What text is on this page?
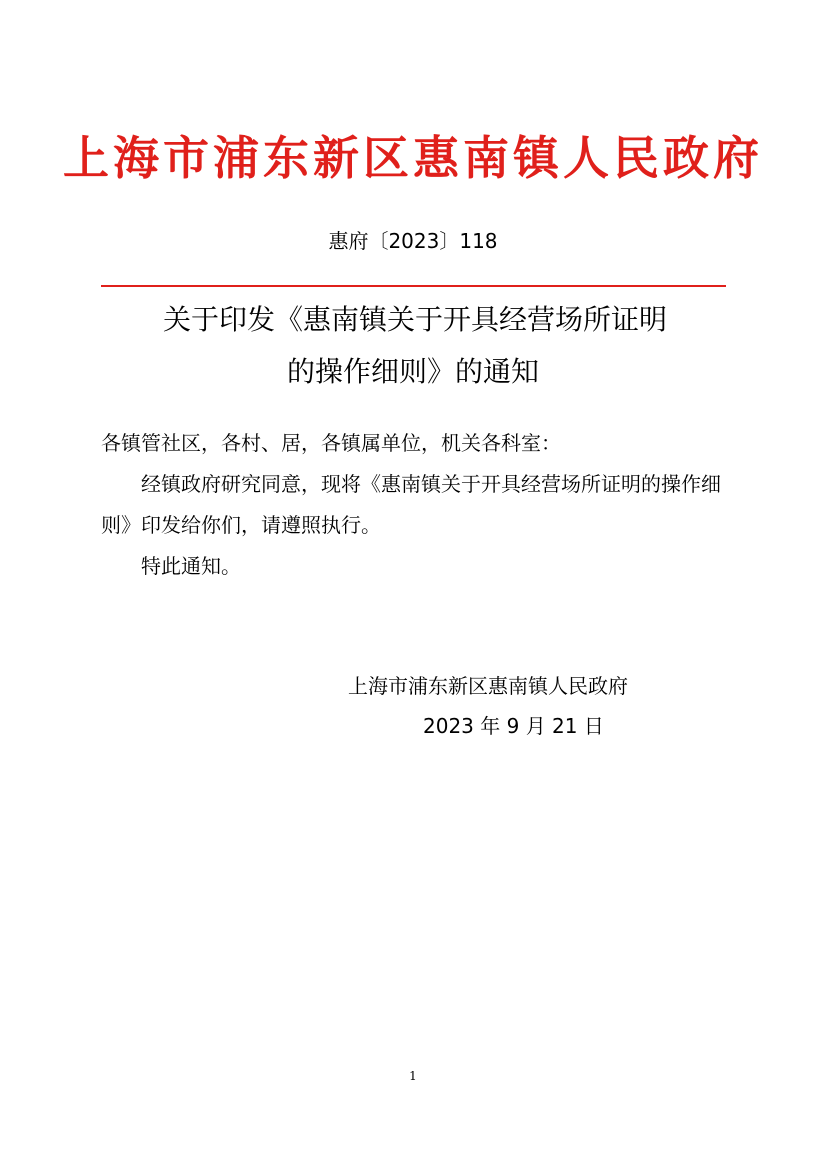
上海市浦东新区惠南镇人民政府
惠府〔2023〕118
关于印发《惠南镇关于开具经营场所证明
的操作细则》的通知
各镇管社区，各村、居，各镇属单位，机关各科室：
经镇政府研究同意，现将《惠南镇关于开具经营场所证明的操作细则》印发给你们，请遵照执行。
特此通知。
上海市浦东新区惠南镇人民政府
2023 年 9 月 21 日
1
